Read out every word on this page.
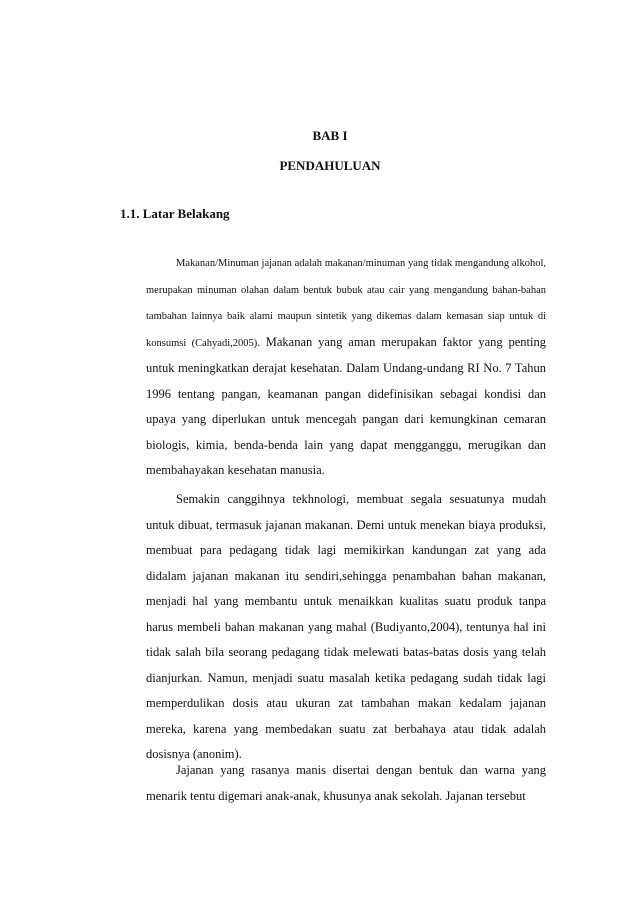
BAB I
PENDAHULUAN
1.1. Latar Belakang

Makanan/Minuman jajanan adalah makanan/minuman yang tidak mengandung alkohol, merupakan minuman olahan dalam bentuk bubuk atau cair yang mengandung bahan-bahan tambahan lainnya baik alami maupun sintetik yang dikemas dalam kemasan siap untuk di konsumsi (Cahyadi,2005). Makanan yang aman merupakan faktor yang penting untuk meningkatkan derajat kesehatan. Dalam Undang-undang RI No. 7 Tahun 1996 tentang pangan, keamanan pangan didefinisikan sebagai kondisi dan upaya yang diperlukan untuk mencegah pangan dari kemungkinan cemaran biologis, kimia, benda-benda lain yang dapat mengganggu, merugikan dan membahayakan kesehatan manusia.

Semakin canggihnya tekhnologi, membuat segala sesuatunya mudah untuk dibuat, termasuk jajanan makanan. Demi untuk menekan biaya produksi, membuat para pedagang tidak lagi memikirkan kandungan zat yang ada didalam jajanan makanan itu sendiri,sehingga penambahan bahan makanan, menjadi hal yang membantu untuk menaikkan kualitas suatu produk tanpa harus membeli bahan makanan yang mahal (Budiyanto,2004), tentunya hal ini tidak salah bila seorang pedagang tidak melewati batas-batas dosis yang telah dianjurkan. Namun, menjadi suatu masalah ketika pedagang sudah tidak lagi memperdulikan dosis atau ukuran zat tambahan makan kedalam jajanan mereka, karena yang membedakan suatu zat berbahaya atau tidak adalah dosisnya (anonim).

Jajanan yang rasanya manis disertai dengan bentuk dan warna yang menarik tentu digemari anak-anak, khusunya anak sekolah. Jajanan tersebut
